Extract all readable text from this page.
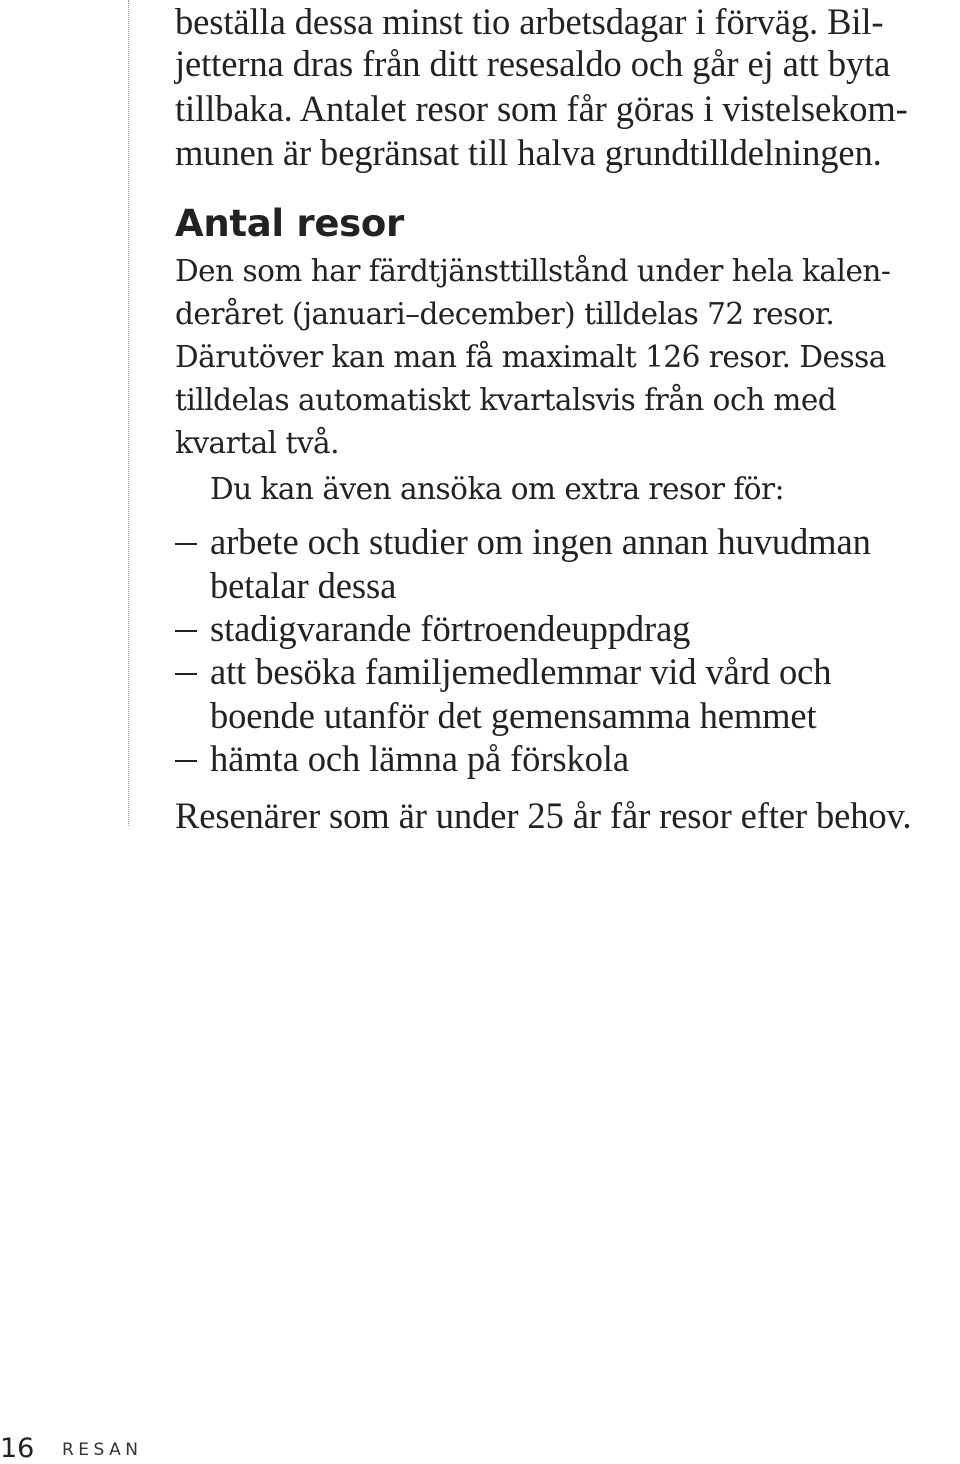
beställa dessa minst tio arbetsdagar i förväg. Bil-
jetterna dras från ditt resesaldo och går ej att byta
tillbaka. Antalet resor som får göras i vistelsekom-
munen är begränsat till halva grundtilldelningen.
Antal resor
Den som har färdtjänsttillstånd under hela kalen-
deråret (januari–december) tilldelas 72 resor.
Därutöver kan man få maximalt 126 resor. Dessa
tilldelas automatiskt kvartalsvis från och med
kvartal två.
Du kan även ansöka om extra resor för:
arbete och studier om ingen annan huvudman
betalar dessa
stadigvarande förtroendeuppdrag
att besöka familjemedlemmar vid vård och
boende utanför det gemensamma hemmet
hämta och lämna på förskola
Resenärer som är under 25 år får resor efter behov.
16 RESAN
